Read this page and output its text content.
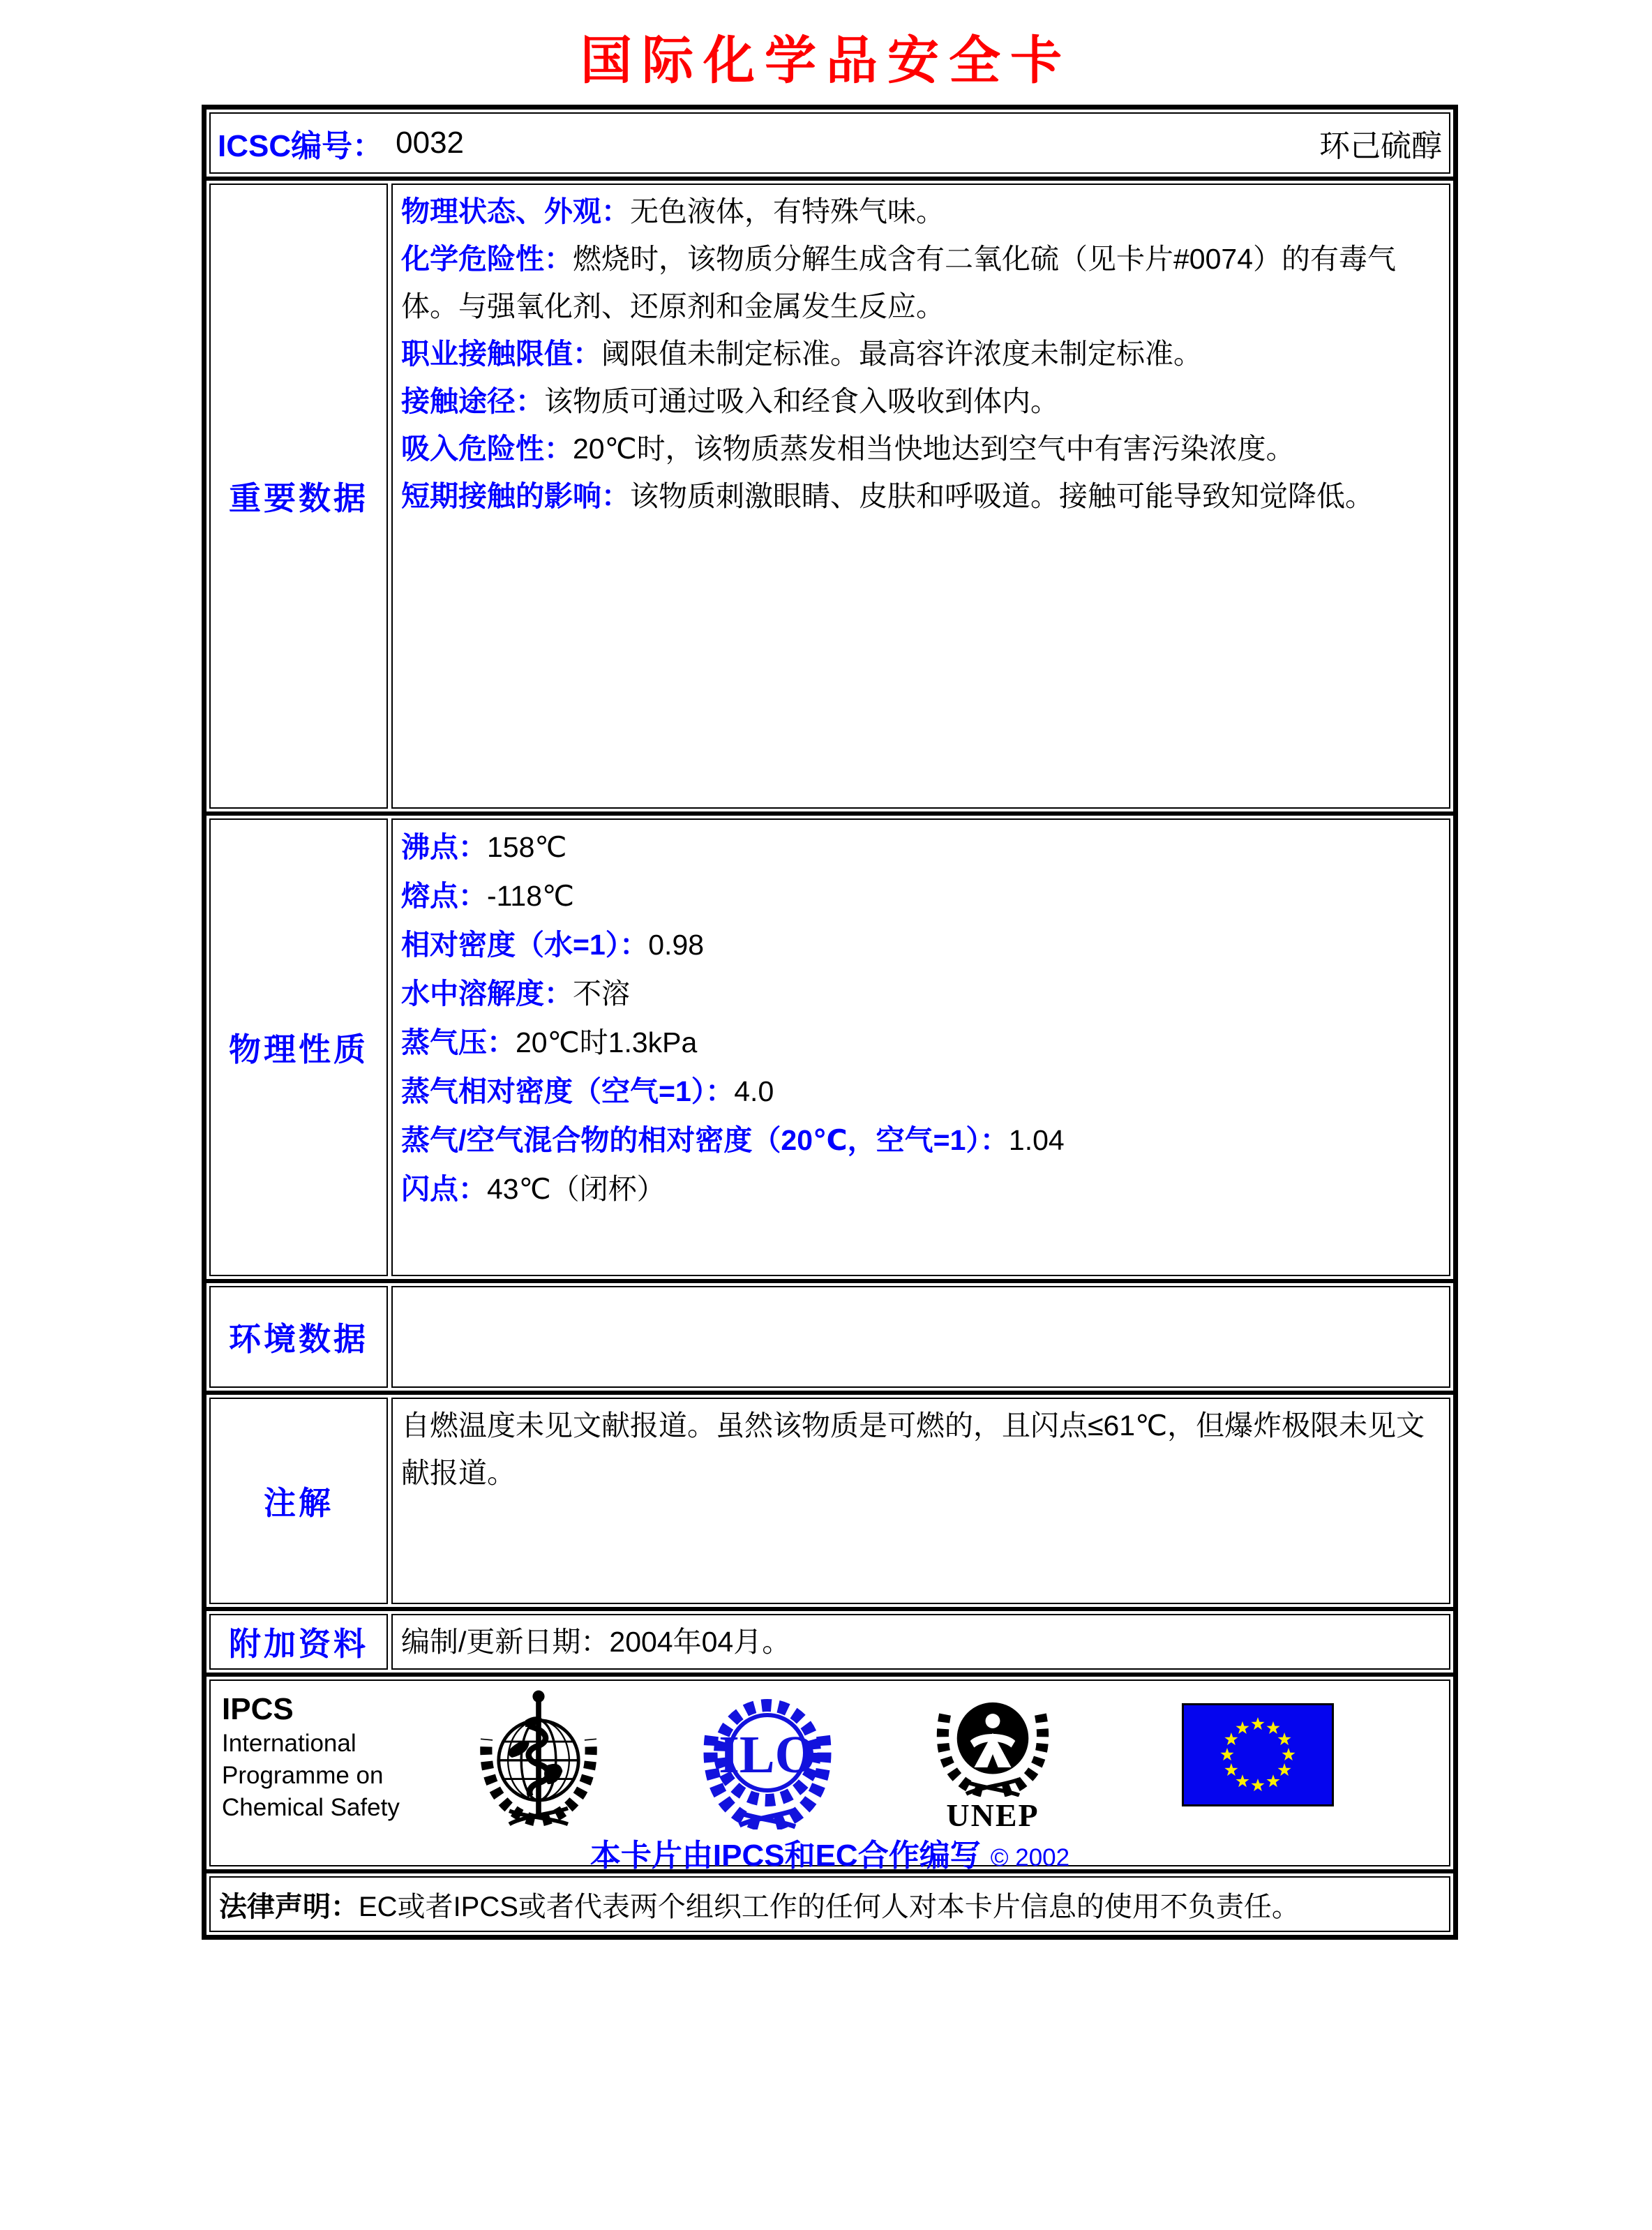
国际化学品安全卡
ICSC编号： 0032	环己硫醇
重要数据

物理状态、外观：无色液体，有特殊气味。

化学危险性：燃烧时，该物质分解生成含有二氧化硫（见卡片#0074）的有毒气体。与强氧化剂、还原剂和金属发生反应。

职业接触限值：阈限值未制定标准。最高容许浓度未制定标准。

接触途径：该物质可通过吸入和经食入吸收到体内。

吸入危险性：20℃时，该物质蒸发相当快地达到空气中有害污染浓度。

短期接触的影响：该物质刺激眼睛、皮肤和呼吸道。接触可能导致知觉降低。

物理性质

沸点：158℃

熔点：-118℃

相对密度（水=1）：0.98

水中溶解度：不溶

蒸气压：20℃时1.3kPa

蒸气相对密度（空气=1）：4.0

蒸气/空气混合物的相对密度（20℃，空气=1）：1.04

闪点：43℃（闭杯）

环境数据
注解
自燃温度未见文献报道。虽然该物质是可燃的，且闪点≤61℃，但爆炸极限未见文献报道。
附加资料	编制/更新日期：2004年04月。
IPCS
International
Programme on
Chemical Safety
ILO
UNEP
本卡片由IPCS和EC合作编写 © 2002
法律声明： EC或者IPCS或者代表两个组织工作的任何人对本卡片信息的使用不负责任。
